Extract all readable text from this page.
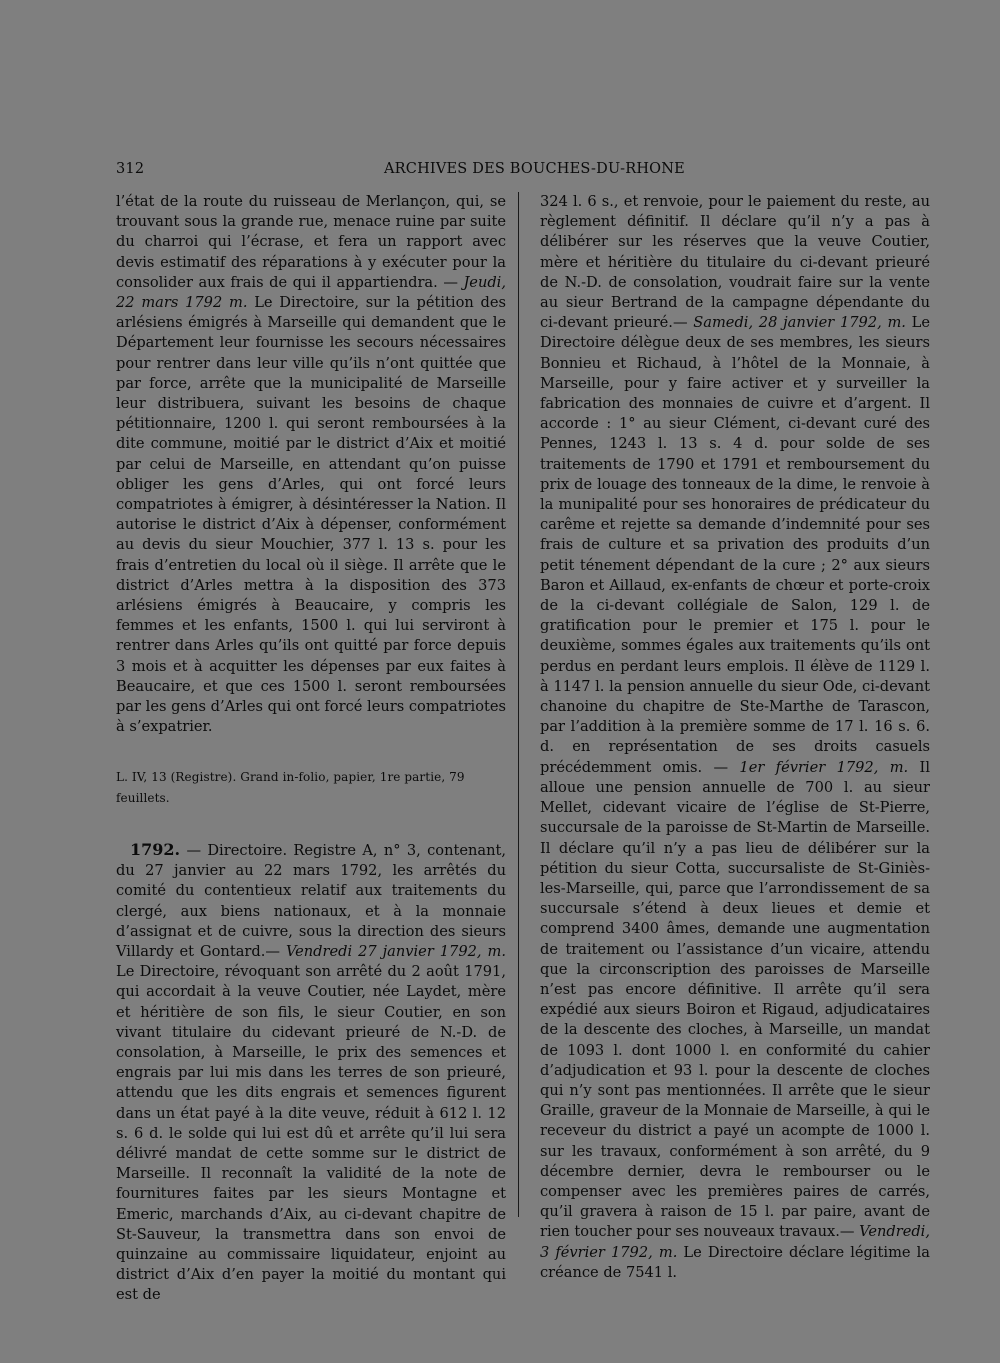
312	ARCHIVES DES BOUCHES-DU-RHONE

l’état de la route du ruisseau de Merlançon, qui, se trouvant sous la grande rue, menace ruine par suite du charroi qui l’écrase, et fera un rapport avec devis estimatif des réparations à y exécuter pour la consolider aux frais de qui il appartiendra. — Jeudi, 22 mars 1792 m. Le Directoire, sur la pétition des arlésiens émigrés à Marseille qui demandent que le Département leur fournisse les secours nécessaires pour rentrer dans leur ville qu’ils n’ont quittée que par force, arrête que la municipalité de Marseille leur distribuera, suivant les besoins de chaque pétitionnaire, 1200 l. qui seront remboursées à la dite commune, moitié par le district d’Aix et moitié par celui de Marseille, en attendant qu’on puisse obliger les gens d’Arles, qui ont forcé leurs compatriotes à émigrer, à désintéresser la Nation. Il autorise le district d’Aix à dépenser, conformément au devis du sieur Mouchier, 377 l. 13 s. pour les frais d’entretien du local où il siège. Il arrête que le district d’Arles mettra à la disposition des 373 arlésiens émigrés à Beaucaire, y compris les femmes et les enfants, 1500 l. qui lui serviront à rentrer dans Arles qu’ils ont quitté par force depuis 3 mois et à acquitter les dépenses par eux faites à Beaucaire, et que ces 1500 l. seront remboursées par les gens d’Arles qui ont forcé leurs compatriotes à s’expatrier.

L. IV, 13 (Registre). Grand in-folio, papier, 1re partie, 79 feuillets.

1792. — Directoire. Registre A, n° 3, contenant, du 27 janvier au 22 mars 1792, les arrêtés du comité du contentieux relatif aux traitements du clergé, aux biens nationaux, et à la monnaie d’assignat et de cuivre, sous la direction des sieurs Villardy et Gontard.— Vendredi 27 janvier 1792, m. Le Directoire, révoquant son arrêté du 2 août 1791, qui accordait à la veuve Coutier, née Laydet, mère et héritière de son fils, le sieur Coutier, en son vivant titulaire du cidevant prieuré de N.-D. de consolation, à Marseille, le prix des semences et engrais par lui mis dans les terres de son prieuré, attendu que les dits engrais et semences figurent dans un état payé à la dite veuve, réduit à 612 l. 12 s. 6 d. le solde qui lui est dû et arrête qu’il lui sera délivré mandat de cette somme sur le district de Marseille. Il reconnaît la validité de la note de fournitures faites par les sieurs Montagne et Emeric, marchands d’Aix, au ci-devant chapitre de St-Sauveur, la transmettra dans son envoi de quinzaine au commissaire liquidateur, enjoint au district d’Aix d’en payer la moitié du montant qui est de

324 l. 6 s., et renvoie, pour le paiement du reste, au règlement définitif. Il déclare qu’il n’y a pas à délibérer sur les réserves que la veuve Coutier, mère et héritière du titulaire du ci-devant prieuré de N.-D. de consolation, voudrait faire sur la vente au sieur Bertrand de la campagne dépendante du ci-devant prieuré.— Samedi, 28 janvier 1792, m. Le Directoire délègue deux de ses membres, les sieurs Bonnieu et Richaud, à l’hôtel de la Monnaie, à Marseille, pour y faire activer et y surveiller la fabrication des monnaies de cuivre et d’argent. Il accorde : 1° au sieur Clément, ci-devant curé des Pennes, 1243 l. 13 s. 4 d. pour solde de ses traitements de 1790 et 1791 et remboursement du prix de louage des tonneaux de la dime, le renvoie à la munipalité pour ses honoraires de prédicateur du carême et rejette sa demande d’indemnité pour ses frais de culture et sa privation des produits d’un petit ténement dépendant de la cure ; 2° aux sieurs Baron et Aillaud, ex-enfants de chœur et porte-croix de la ci-devant collégiale de Salon, 129 l. de gratification pour le premier et 175 l. pour le deuxième, sommes égales aux traitements qu’ils ont perdus en perdant leurs emplois. Il élève de 1129 l. à 1147 l. la pension annuelle du sieur Ode, ci-devant chanoine du chapitre de Ste-Marthe de Tarascon, par l’addition à la première somme de 17 l. 16 s. 6. d. en représentation de ses droits casuels précédemment omis. — 1er février 1792, m. Il alloue une pension annuelle de 700 l. au sieur Mellet, cidevant vicaire de l’église de St-Pierre, succursale de la paroisse de St-Martin de Marseille. Il déclare qu’il n’y a pas lieu de délibérer sur la pétition du sieur Cotta, succursaliste de St-Giniès-les-Marseille, qui, parce que l’arrondissement de sa succursale s’étend à deux lieues et demie et comprend 3400 âmes, demande une augmentation de traitement ou l’assistance d’un vicaire, attendu que la circonscription des paroisses de Marseille n’est pas encore définitive. Il arrête qu’il sera expédié aux sieurs Boiron et Rigaud, adjudicataires de la descente des cloches, à Marseille, un mandat de 1093 l. dont 1000 l. en conformité du cahier d’adjudication et 93 l. pour la descente de cloches qui n’y sont pas mentionnées. Il arrête que le sieur Graille, graveur de la Monnaie de Marseille, à qui le receveur du district a payé un acompte de 1000 l. sur les travaux, conformément à son arrêté, du 9 décembre dernier, devra le rembourser ou le compenser avec les premières paires de carrés, qu’il gravera à raison de 15 l. par paire, avant de rien toucher pour ses nouveaux travaux.— Vendredi, 3 février 1792, m. Le Directoire déclare légitime la créance de 7541 l.
